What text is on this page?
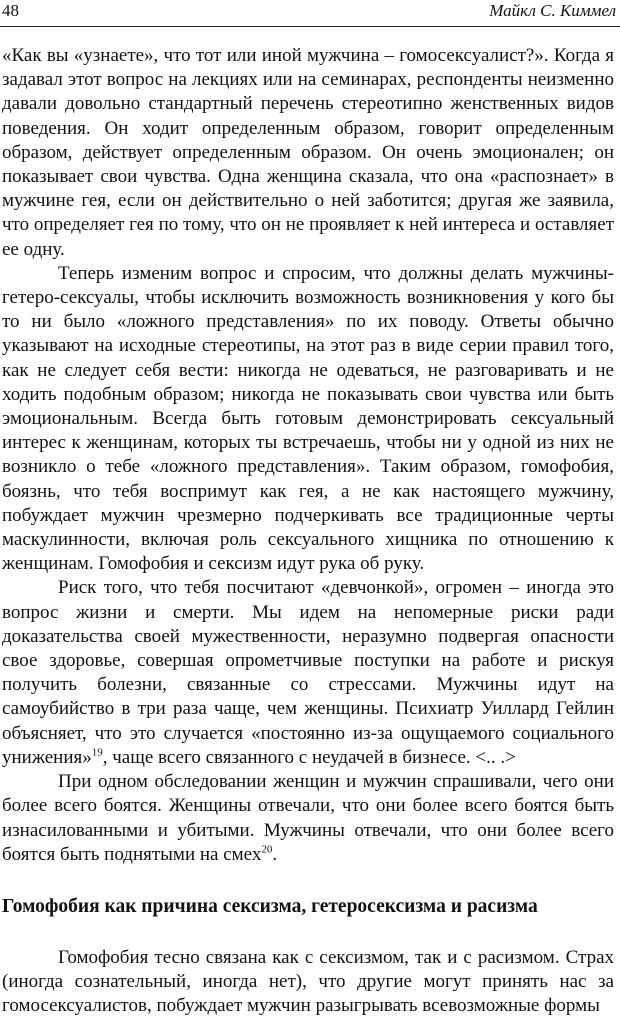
48	Майкл С. Киммел

«Как вы «узнаете», что тот или иной мужчина – гомосексуалист?». Когда я задавал этот вопрос на лекциях или на семинарах, респонденты неизменно давали довольно стандартный перечень стереотипно женственных видов поведения. Он ходит определенным образом, говорит определенным образом, действует определенным образом. Он очень эмоционален; он показывает свои чувства. Одна женщина сказала, что она «распознает» в мужчине гея, если он действительно о ней заботится; другая же заявила, что определяет гея по тому, что он не проявляет к ней интереса и оставляет ее одну.

Теперь изменим вопрос и спросим, что должны делать мужчины-гетеро-сексуалы, чтобы исключить возможность возникновения у кого бы то ни было «ложного представления» по их поводу. Ответы обычно указывают на исходные стереотипы, на этот раз в виде серии правил того, как не следует себя вести: никогда не одеваться, не разговаривать и не ходить подобным образом; никогда не показывать свои чувства или быть эмоциональным. Всегда быть готовым демонстрировать сексуальный интерес к женщинам, которых ты встречаешь, чтобы ни у одной из них не возникло о тебе «ложного представления». Таким образом, гомофобия, боязнь, что тебя воспримут как гея, а не как настоящего мужчину, побуждает мужчин чрезмерно подчеркивать все традиционные черты маскулинности, включая роль сексуального хищника по отношению к женщинам. Гомофобия и сексизм идут рука об руку.

Риск того, что тебя посчитают «девчонкой», огромен – иногда это вопрос жизни и смерти. Мы идем на непомерные риски ради доказательства своей мужественности, неразумно подвергая опасности свое здоровье, совершая опрометчивые поступки на работе и рискуя получить болезни, связанные со стрессами. Мужчины идут на самоубийство в три раза чаще, чем женщины. Психиатр Уиллард Гейлин объясняет, что это случается «постоянно из-за ощущаемого социального унижения»$^{19}$, чаще всего связанного с неудачей в бизнесе. <.. .>

При одном обследовании женщин и мужчин спрашивали, чего они более всего боятся. Женщины отвечали, что они более всего боятся быть изнасилованными и убитыми. Мужчины отвечали, что они более всего боятся быть поднятыми на смех$^{20}$.

Гомофобия как причина сексизма, гетеросексизма и расизма

Гомофобия тесно связана как с сексизмом, так и с расизмом. Страх (иногда сознательный, иногда нет), что другие могут принять нас за гомосексуалистов, побуждает мужчин разыгрывать всевозможные формы
